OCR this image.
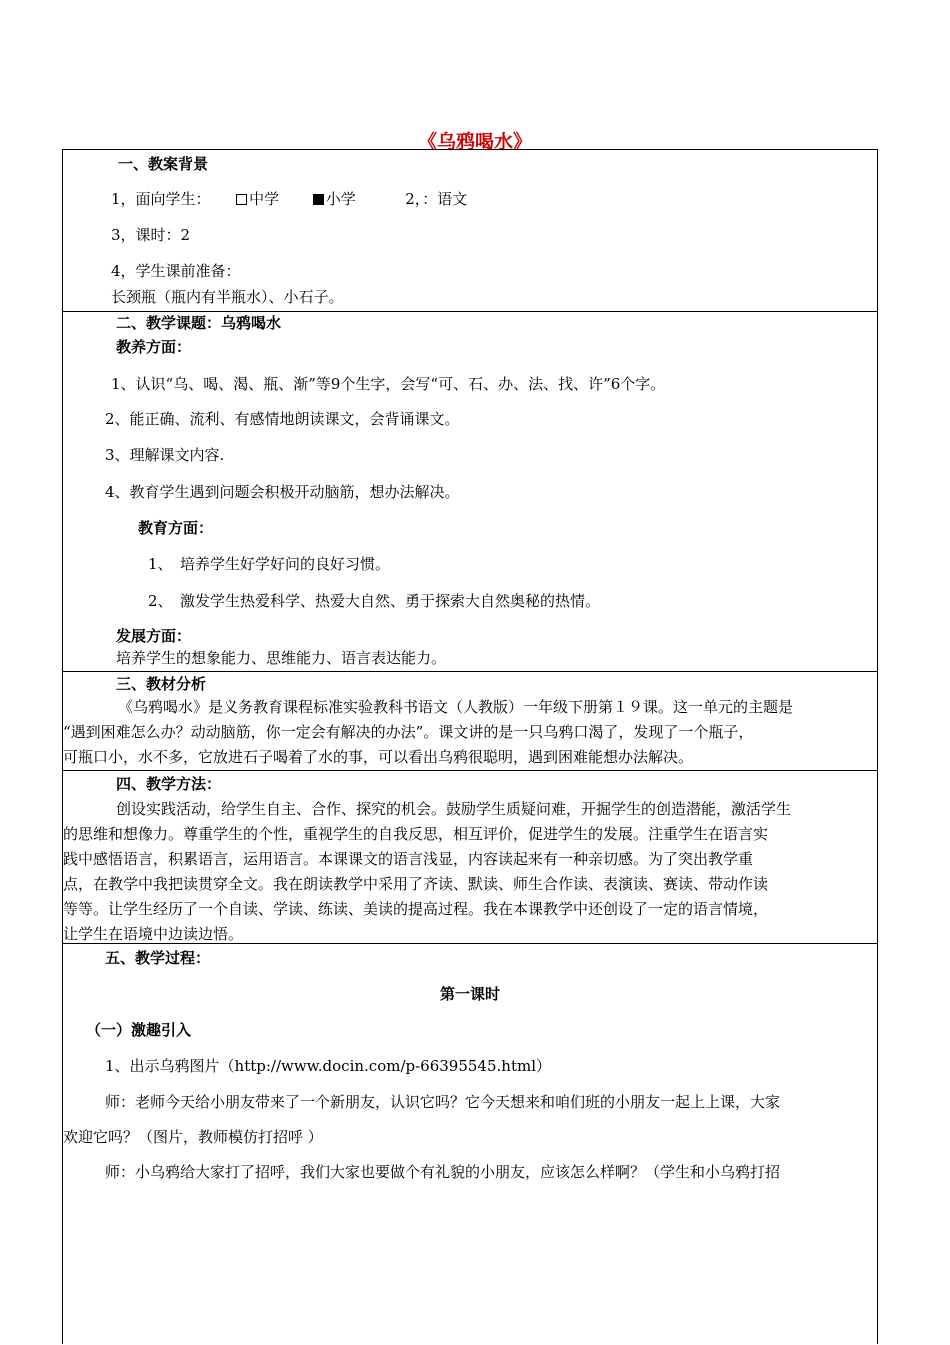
《乌鸦喝水》
一、教案背景
1，面向学生：	中学	小学	2，：语文
3，课时：2
4，学生课前准备：
长颈瓶（瓶内有半瓶水）、小石子。
二、教学课题：乌鸦喝水
教养方面：
1、认识“乌、喝、渴、瓶、渐”等9个生字，会写“可、石、办、法、找、许”6个字。
2、能正确、流利、有感情地朗读课文，会背诵课文。
3、理解课文内容.
4、教育学生遇到问题会积极开动脑筋，想办法解决。
教育方面：
1、　培养学生好学好问的良好习惯。
2、　激发学生热爱科学、热爱大自然、勇于探索大自然奥秘的热情。
发展方面：
培养学生的想象能力、思维能力、语言表达能力。
三、教材分析
《乌鸦喝水》是义务教育课程标准实验教科书语文（人教版）一年级下册第１９课。这一单元的主题是
“遇到困难怎么办？动动脑筋，你一定会有解决的办法”。课文讲的是一只乌鸦口渴了，发现了一个瓶子，
可瓶口小，水不多，它放进石子喝着了水的事，可以看出乌鸦很聪明，遇到困难能想办法解决。
四、教学方法：
创设实践活动，给学生自主、合作、探究的机会。鼓励学生质疑问难，开掘学生的创造潜能，激活学生
的思维和想像力。尊重学生的个性，重视学生的自我反思，相互评价，促进学生的发展。注重学生在语言实
践中感悟语言，积累语言，运用语言。本课课文的语言浅显，内容读起来有一种亲切感。为了突出教学重
点，在教学中我把读贯穿全文。我在朗读教学中采用了齐读、默读、师生合作读、表演读、赛读、带动作读
等等。让学生经历了一个自读、学读、练读、美读的提高过程。我在本课教学中还创设了一定的语言情境，
让学生在语境中边读边悟。
五、教学过程：
第一课时
（一）激趣引入
1、出示乌鸦图片（http://www.docin.com/p-66395545.html）
师：老师今天给小朋友带来了一个新朋友，认识它吗？它今天想来和咱们班的小朋友一起上上课，大家
欢迎它吗？（图片，教师模仿打招呼 ）
师：小乌鸦给大家打了招呼，我们大家也要做个有礼貌的小朋友，应该怎么样啊？（学生和小乌鸦打招
